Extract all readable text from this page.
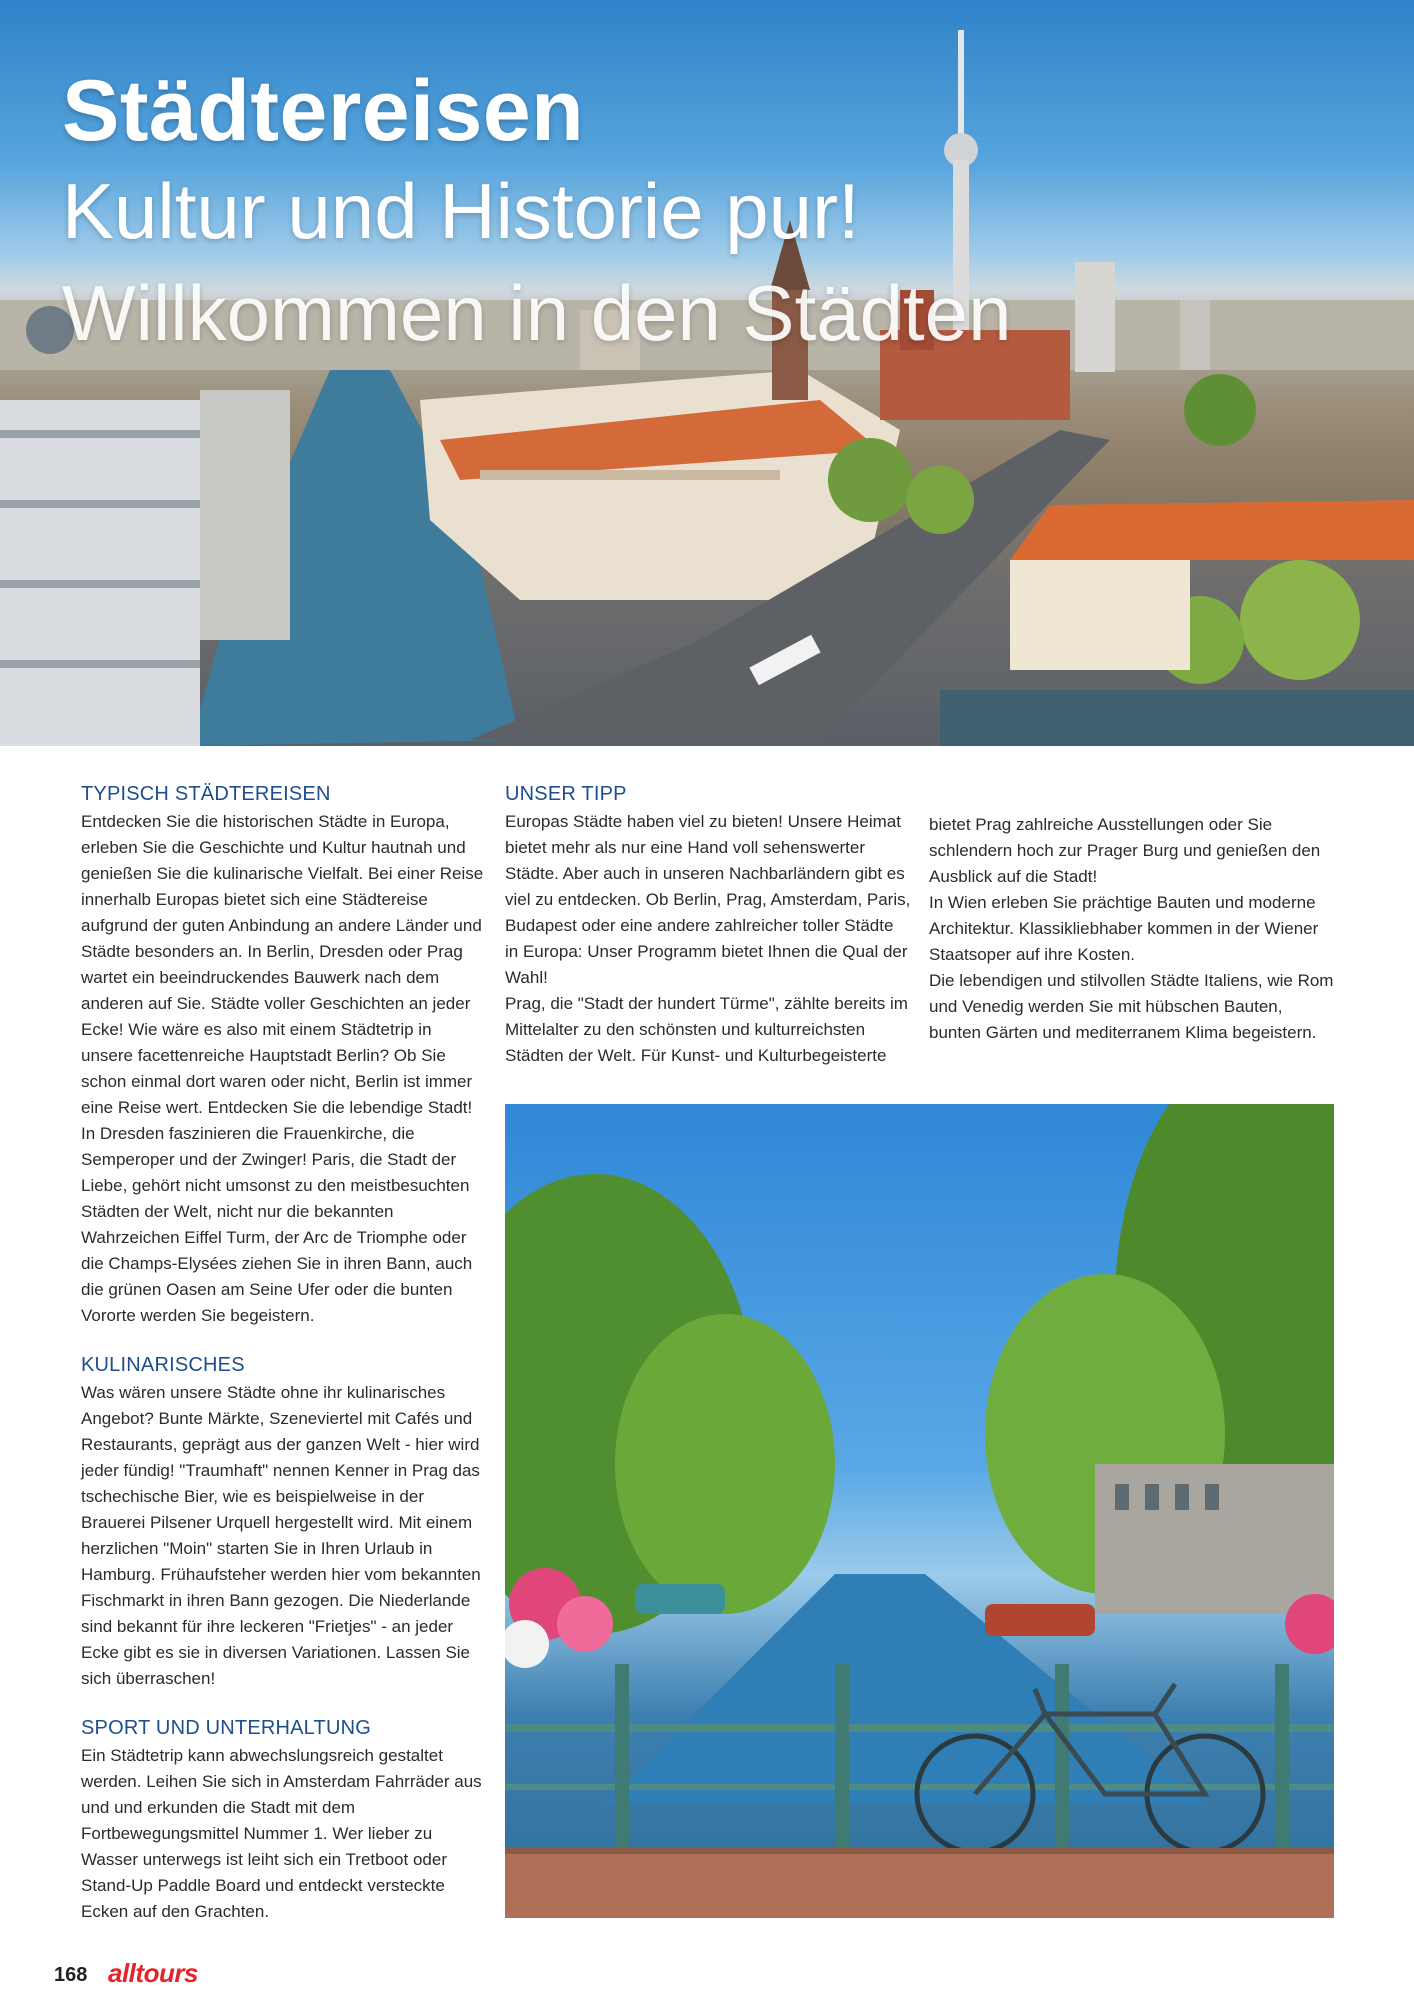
Städtereisen
Kultur und Historie pur!
Willkommen in den Städten
TYPISCH STÄDTEREISEN

Entdecken Sie die historischen Städte in Europa, erleben Sie die Geschichte und Kultur hautnah und genießen Sie die kulinarische Vielfalt. Bei einer Reise innerhalb Europas bietet sich eine Städtereise aufgrund der guten Anbindung an andere Länder und Städte besonders an. In Berlin, Dresden oder Prag wartet ein beeindruckendes Bauwerk nach dem anderen auf Sie. Städte voller Geschichten an jeder Ecke! Wie wäre es also mit einem Städtetrip in unsere facettenreiche Hauptstadt Berlin? Ob Sie schon einmal dort waren oder nicht, Berlin ist immer eine Reise wert. Entdecken Sie die lebendige Stadt! In Dresden faszinieren die Frauenkirche, die Semperoper und der Zwinger! Paris, die Stadt der Liebe, gehört nicht umsonst zu den meistbesuchten Städten der Welt, nicht nur die bekannten Wahrzeichen Eiffel Turm, der Arc de Triomphe oder die Champs-Elysées ziehen Sie in ihren Bann, auch die grünen Oasen am Seine Ufer oder die bunten Vororte werden Sie begeistern.

KULINARISCHES

Was wären unsere Städte ohne ihr kulinarisches Angebot? Bunte Märkte, Szeneviertel mit Cafés und Restaurants, geprägt aus der ganzen Welt - hier wird jeder fündig! "Traumhaft" nennen Kenner in Prag das tschechische Bier, wie es beispielweise in der Brauerei Pilsener Urquell hergestellt wird. Mit einem herzlichen "Moin" starten Sie in Ihren Urlaub in Hamburg. Frühaufsteher werden hier vom bekannten Fischmarkt in ihren Bann gezogen. Die Niederlande sind bekannt für ihre leckeren "Frietjes" - an jeder Ecke gibt es sie in diversen Variationen. Lassen Sie sich überraschen!

SPORT UND UNTERHALTUNG

Ein Städtetrip kann abwechslungsreich gestaltet werden. Leihen Sie sich in Amsterdam Fahrräder aus und und erkunden die Stadt mit dem Fortbewegungsmittel Nummer 1. Wer lieber zu Wasser unterwegs ist leiht sich ein Tretboot oder Stand-Up Paddle Board und entdeckt versteckte Ecken auf den Grachten.

UNSER TIPP

Europas Städte haben viel zu bieten! Unsere Heimat bietet mehr als nur eine Hand voll sehenswerter Städte. Aber auch in unseren Nachbarländern gibt es viel zu entdecken. Ob Berlin, Prag, Amsterdam, Paris, Budapest oder eine andere zahlreicher toller Städte in Europa: Unser Programm bietet Ihnen die Qual der Wahl!

Prag, die "Stadt der hundert Türme", zählte bereits im Mittelalter zu den schönsten und kulturreichsten Städten der Welt. Für Kunst- und Kulturbegeisterte

bietet Prag zahlreiche Ausstellungen oder Sie schlendern hoch zur Prager Burg und genießen den Ausblick auf die Stadt!

In Wien erleben Sie prächtige Bauten und moderne Architektur. Klassikliebhaber kommen in der Wiener Staatsoper auf ihre Kosten.

Die lebendigen und stilvollen Städte Italiens, wie Rom und Venedig werden Sie mit hübschen Bauten, bunten Gärten und mediterranem Klima begeistern.

168 alltours
